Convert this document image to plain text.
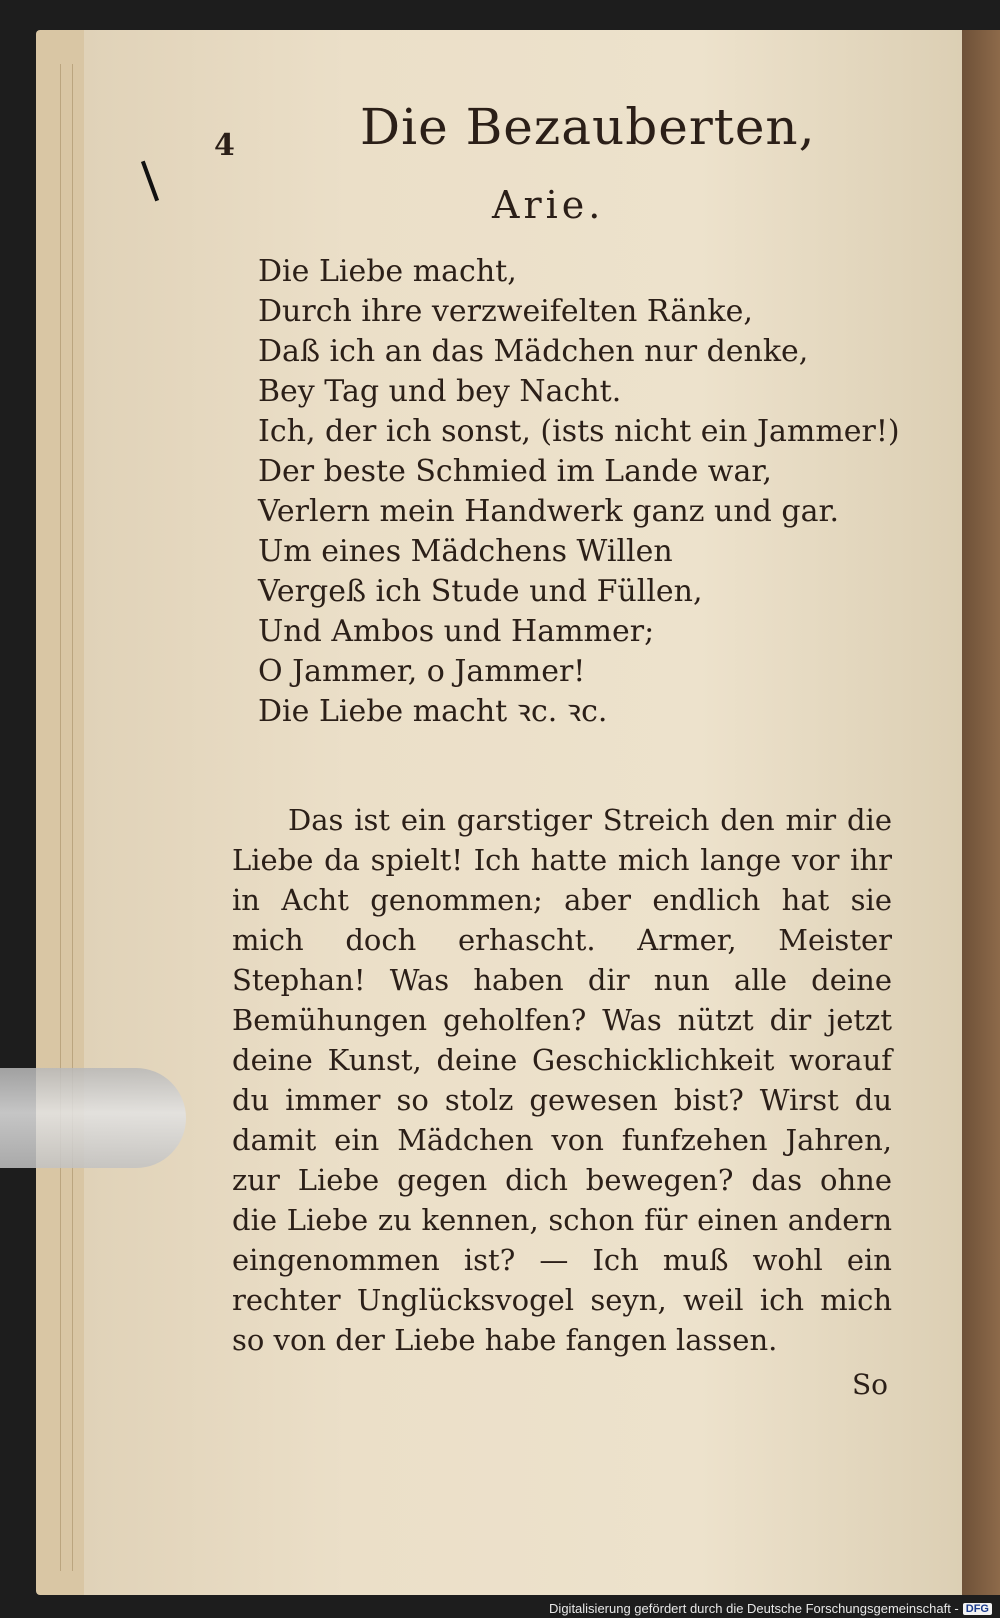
4	Die Bezauberten,
Arie.
Die Liebe macht,
Durch ihre verzweifelten Ränke,
Daß ich an das Mädchen nur denke,
Bey Tag und bey Nacht.
Ich, der ich sonst, (ists nicht ein Jammer!)
Der beste Schmied im Lande war,
Verlern mein Handwerk ganz und gar.
Um eines Mädchens Willen
Vergeß ich Stude und Füllen,
Und Ambos und Hammer;
O Jammer, o Jammer!
Die Liebe macht ꝛc. ꝛc.
Das ist ein garstiger Streich den mir die Liebe da spielt! Ich hatte mich lange vor ihr in Acht genommen; aber endlich hat sie mich doch erhascht. Armer, Meister Stephan! Was haben dir nun alle deine Bemühungen geholfen? Was nützt dir jetzt deine Kunst, deine Geschicklichkeit worauf du immer so stolz gewesen bist? Wirst du damit ein Mädchen von funfzehen Jahren, zur Liebe gegen dich bewegen? das ohne die Liebe zu kennen, schon für einen andern eingenommen ist? — Ich muß wohl ein rechter Unglücksvogel seyn, weil ich mich so von der Liebe habe fangen lassen.
So
Digitalisierung gefördert durch die Deutsche Forschungsgemeinschaft - DFG
